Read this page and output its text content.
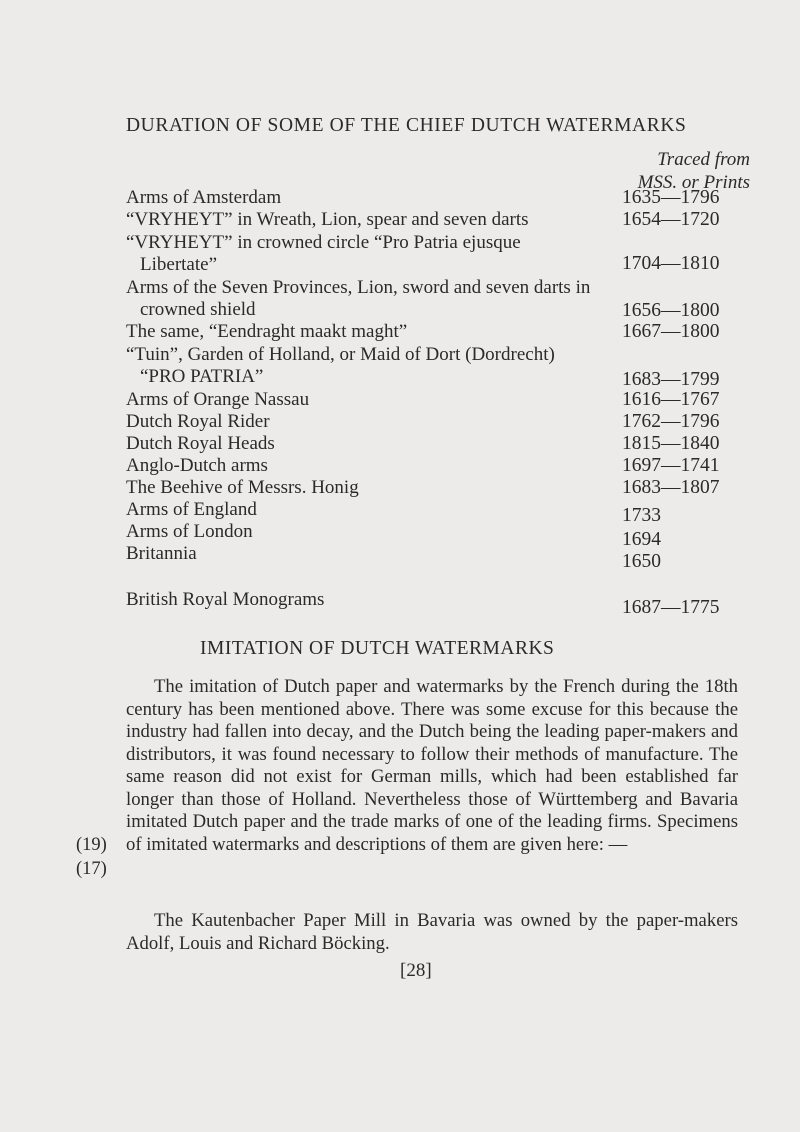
DURATION OF SOME OF THE CHIEF DUTCH WATERMARKS
Traced from
MSS. or Prints
Arms of Amsterdam	1635—1796
“VRYHEYT” in Wreath, Lion, spear and seven darts	1654—1720
“VRYHEYT” in crowned circle “Pro Patria ejusque Libertate”	1704—1810
Arms of the Seven Provinces, Lion, sword and seven darts in crowned shield	1656—1800
The same, “Eendraght maakt maght”	1667—1800
“Tuin”, Garden of Holland, or Maid of Dort (Dordrecht)
“PRO PATRIA”	1683—1799
Arms of Orange Nassau	1616—1767
Dutch Royal Rider	1762—1796
Dutch Royal Heads	1815—1840
Anglo-Dutch arms	1697—1741
The Beehive of Messrs. Honig	1683—1807
Arms of England	1733
Arms of London	1694
Britannia	1650
British Royal Monograms	1687—1775
IMITATION OF DUTCH WATERMARKS

The imitation of Dutch paper and watermarks by the French during the 18th century has been mentioned above. There was some excuse for this because the industry had fallen into decay, and the Dutch being the leading paper-makers and distributors, it was found necessary to follow their methods of manufacture. The same reason did not exist for German mills, which had been established far longer than those of Holland. Nevertheless those of Württemberg and Bavaria imitated Dutch paper and the trade marks of one of the leading firms. Specimens of imitated watermarks and descriptions of them are given here: —

(19)
(17)

The Kautenbacher Paper Mill in Bavaria was owned by the paper-makers Adolf, Louis and Richard Böcking.

[28]
